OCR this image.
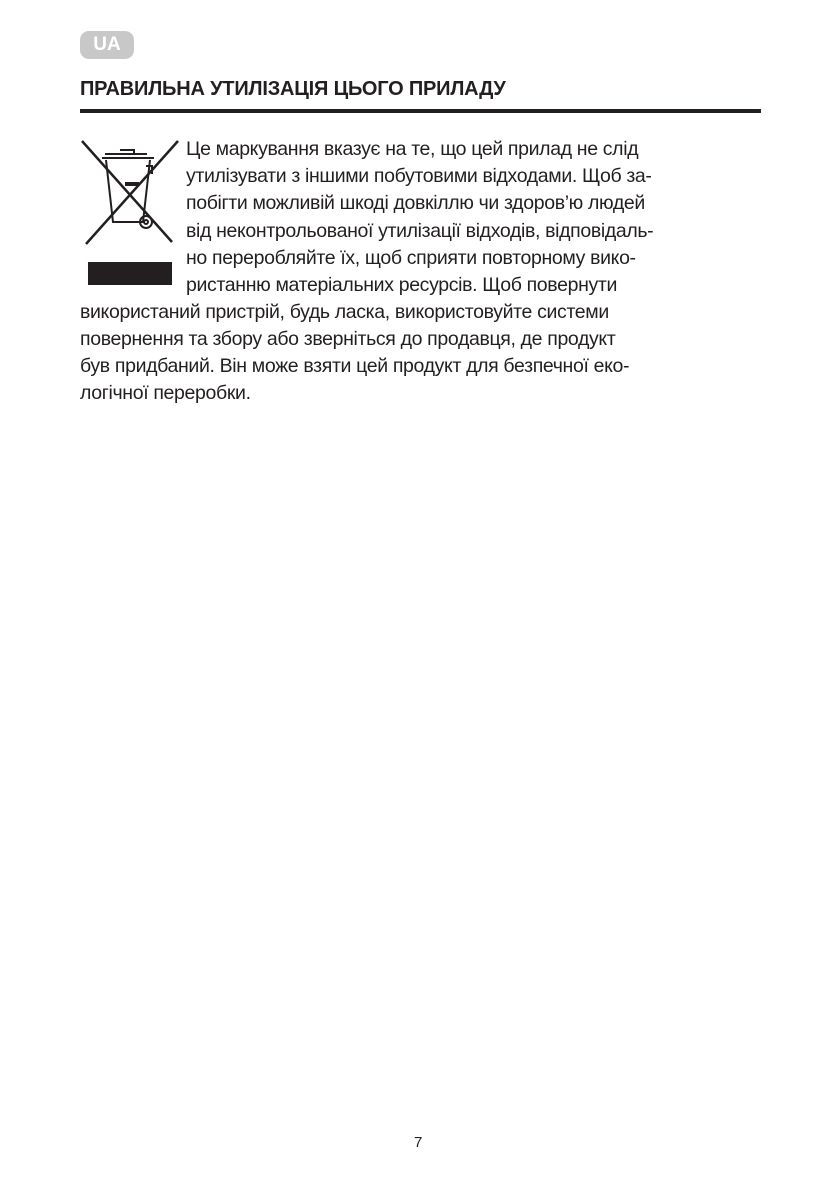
UA
ПРАВИЛЬНА УТИЛІЗАЦІЯ ЦЬОГО ПРИЛАДУ
Це маркування вказує на те, що цей прилад не слід
утилізувати з іншими побутовими відходами. Щоб за-
побігти можливій шкоді довкіллю чи здоров’ю людей
від неконтрольованої утилізації відходів, відповідаль-
но переробляйте їх, щоб сприяти повторному вико-
ристанню матеріальних ресурсів. Щоб повернути
використаний пристрій, будь ласка, використовуйте системи
повернення та збору або зверніться до продавця, де продукт
був придбаний. Він може взяти цей продукт для безпечної еко-
логічної переробки.
7
